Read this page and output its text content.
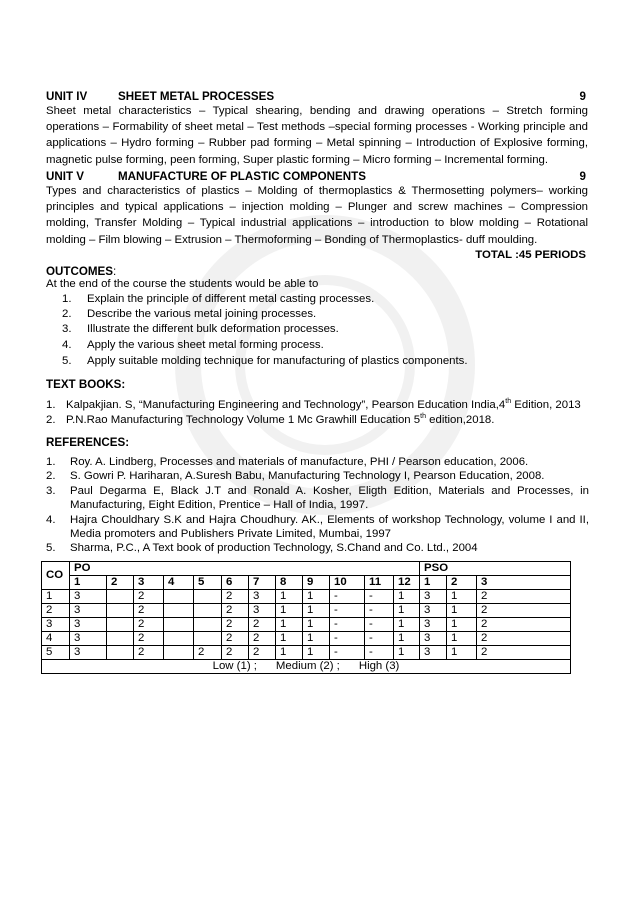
UNIT IV	SHEET METAL PROCESSES	9
Sheet metal characteristics – Typical shearing, bending and drawing operations – Stretch forming operations – Formability of sheet metal – Test methods –special forming processes - Working principle and applications – Hydro forming – Rubber pad forming – Metal spinning – Introduction of Explosive forming, magnetic pulse forming, peen forming, Super plastic forming – Micro forming – Incremental forming.
UNIT V	MANUFACTURE OF PLASTIC COMPONENTS	9
Types and characteristics of plastics – Molding of thermoplastics & Thermosetting polymers– working principles and typical applications – injection molding – Plunger and screw machines – Compression molding, Transfer Molding – Typical industrial applications – introduction to blow molding – Rotational molding – Film blowing – Extrusion – Thermoforming – Bonding of Thermoplastics- duff moulding.
TOTAL :45 PERIODS
OUTCOMES:
At the end of the course the students would be able to
1. Explain the principle of different metal casting processes.
2. Describe the various metal joining processes.
3. Illustrate the different bulk deformation processes.
4. Apply the various sheet metal forming process.
5. Apply suitable molding technique for manufacturing of plastics components.
TEXT BOOKS:
1. Kalpakjian. S, “Manufacturing Engineering and Technology”, Pearson Education India,4th Edition, 2013
2. P.N.Rao Manufacturing Technology Volume 1 Mc Grawhill Education 5th edition,2018.
REFERENCES:
1. Roy. A. Lindberg, Processes and materials of manufacture, PHI / Pearson education, 2006.
2. S. Gowri P. Hariharan, A.Suresh Babu, Manufacturing Technology I, Pearson Education, 2008.
3. Paul Degarma E, Black J.T and Ronald A. Kosher, Eligth Edition, Materials and Processes, in Manufacturing, Eight Edition, Prentice – Hall of India, 1997.
4. Hajra Chouldhary S.K and Hajra Choudhury. AK., Elements of workshop Technology, volume I and II, Media promoters and Publishers Private Limited, Mumbai, 1997
5. Sharma, P.C., A Text book of production Technology, S.Chand and Co. Ltd., 2004
CO	PO												PSO		
	1	2	3	4	5	6	7	8	9	10	11	12	1	2	3
1	3		2			2	3	1	1	-	-	1	3	1	2
2	3		2			2	3	1	1	-	-	1	3	1	2
3	3		2			2	2	1	1	-	-	1	3	1	2
4	3		2			2	2	1	1	-	-	1	3	1	2
5	3		2		2	2	2	1	1	-	-	1	3	1	2
Low (1) ;      Medium (2) ;      High (3)															
